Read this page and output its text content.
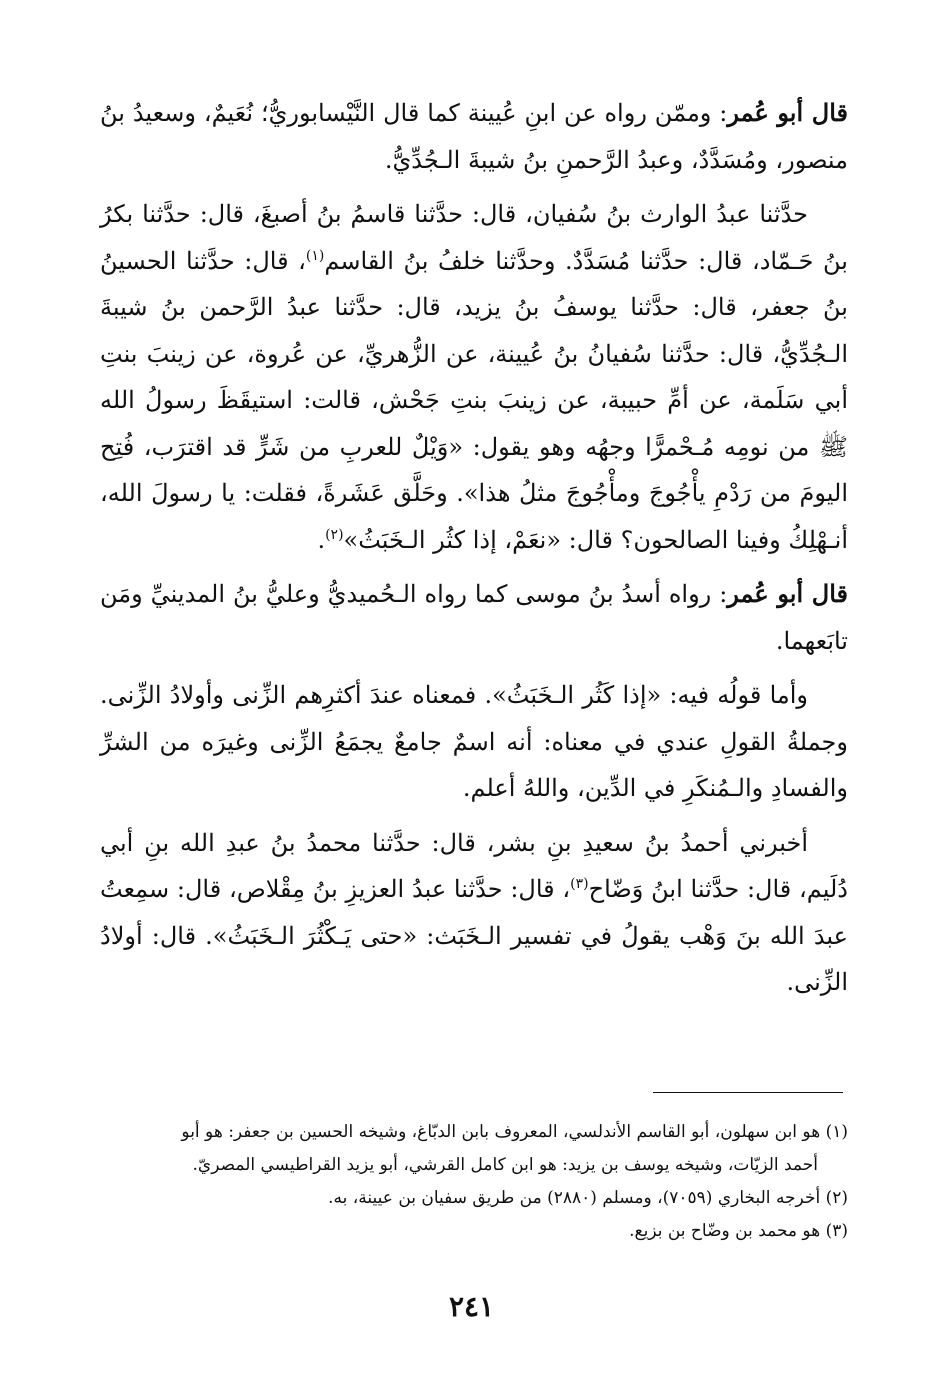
قال أبو عُمر: وممّن رواه عن ابنِ عُيينة كما قال النَّيْسابوريُّ؛ نُعَيمٌ، وسعيدُ بنُ منصور، ومُسَدَّدٌ، وعبدُ الرَّحمنِ بنُ شيبةَ الـجُدِّيُّ.

حدَّثنا عبدُ الوارث بنُ سُفيان، قال: حدَّثنا قاسمُ بنُ أصبغَ، قال: حدَّثنا بكرُ بنُ حَـمّاد، قال: حدَّثنا مُسَدَّدٌ. وحدَّثنا خلفُ بنُ القاسم$^{(١)}$، قال: حدَّثنا الحسينُ بنُ جعفر، قال: حدَّثنا يوسفُ بنُ يزيد، قال: حدَّثنا عبدُ الرَّحمن بنُ شيبةَ الـجُدِّيُّ، قال: حدَّثنا سُفيانُ بنُ عُيينة، عن الزُّهريِّ، عن عُروة، عن زينبَ بنتِ أبي سَلَمة، عن أمِّ حبيبة، عن زينبَ بنتِ جَحْش، قالت: استيقَظَ رسولُ الله ﷺ من نومِه مُـحْمرًّا وجهُه وهو يقول: «وَيْلٌ للعربِ من شَرٍّ قد اقترَب، فُتِح اليومَ من رَدْمِ يأْجُوجَ ومأْجُوجَ مثلُ هذا». وحَلَّق عَشَرةً، فقلت: يا رسولَ الله، أنـهْلِكُ وفينا الصالحون؟ قال: «نعَمْ، إذا كثُر الـخَبَثُ»$^{(٢)}$.

قال أبو عُمر: رواه أسدُ بنُ موسى كما رواه الـحُميديُّ وعليُّ بنُ المدينيِّ ومَن تابَعهما.

وأما قولُه فيه: «إذا كَثُر الـخَبَثُ». فمعناه عندَ أكثرِهم الزِّنى وأولادُ الزِّنى. وجملةُ القولِ عندي في معناه: أنه اسمٌ جامعٌ يجمَعُ الزِّنى وغيرَه من الشرِّ والفسادِ والـمُنكَرِ في الدِّين، واللهُ أعلم.

أخبرني أحمدُ بنُ سعيدِ بنِ بشر، قال: حدَّثنا محمدُ بنُ عبدِ الله بنِ أبي دُلَيم، قال: حدَّثنا ابنُ وَضّاح$^{(٣)}$، قال: حدَّثنا عبدُ العزيزِ بنُ مِقْلاص، قال: سمِعتُ عبدَ الله بنَ وَهْب يقولُ في تفسير الـخَبَث: «حتى يَـكْثُرَ الـخَبَثُ». قال: أولادُ الزِّنى.

(١) هو ابن سهلون، أبو القاسم الأندلسي، المعروف بابن الدبّاغ، وشيخه الحسين بن جعفر: هو أبو

أحمد الزيّات، وشيخه يوسف بن يزيد: هو ابن كامل القرشي، أبو يزيد القراطيسي المصريّ.

(٢) أخرجه البخاري (٧٠٥٩)، ومسلم (٢٨٨٠) من طريق سفيان بن عيينة، به.

(٣) هو محمد بن وضّاح بن بزيع.

٢٤١
